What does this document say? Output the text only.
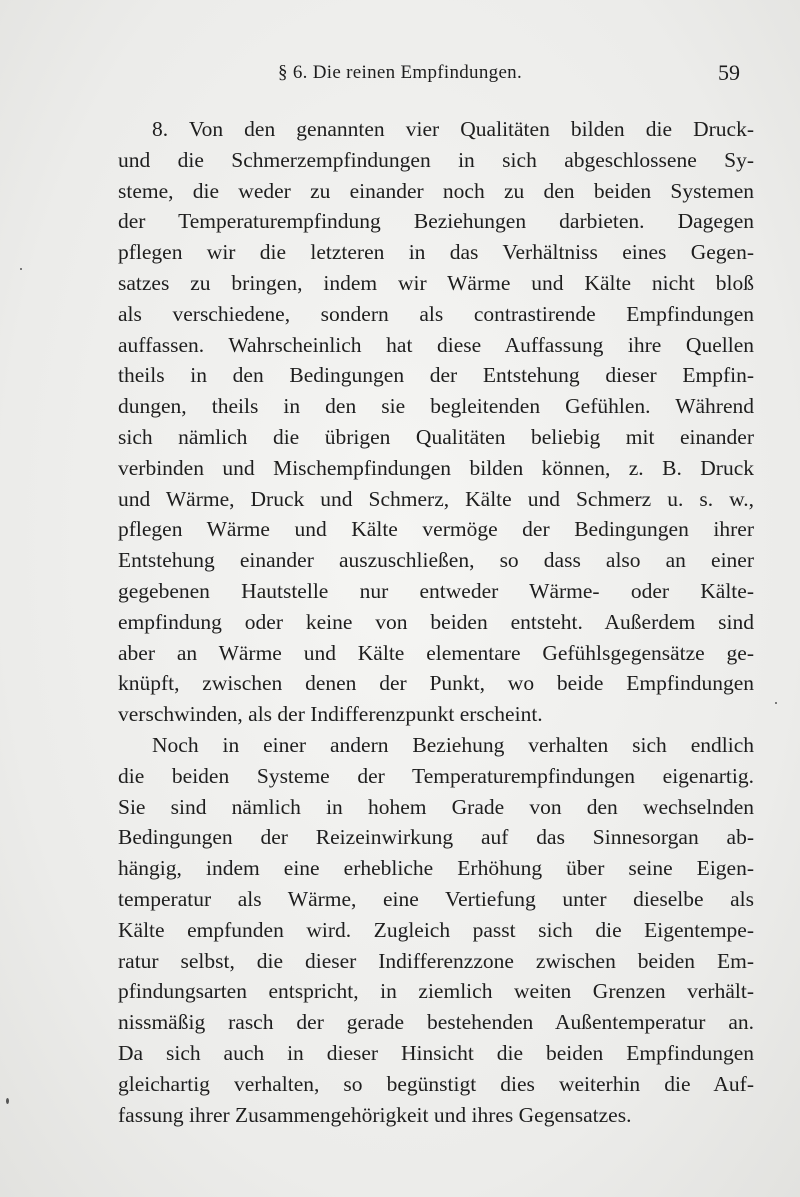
§ 6. Die reinen Empfindungen.	59
8. Von den genannten vier Qualitäten bilden die Druck-
und die Schmerzempfindungen in sich abgeschlossene Sy-
steme, die weder zu einander noch zu den beiden Systemen
der Temperaturempfindung Beziehungen darbieten. Dagegen
pflegen wir die letzteren in das Verhältniss eines Gegen-
satzes zu bringen, indem wir Wärme und Kälte nicht bloß
als verschiedene, sondern als contrastirende Empfindungen
auffassen. Wahrscheinlich hat diese Auffassung ihre Quellen
theils in den Bedingungen der Entstehung dieser Empfin-
dungen, theils in den sie begleitenden Gefühlen. Während
sich nämlich die übrigen Qualitäten beliebig mit einander
verbinden und Mischempfindungen bilden können, z. B. Druck
und Wärme, Druck und Schmerz, Kälte und Schmerz u. s. w.,
pflegen Wärme und Kälte vermöge der Bedingungen ihrer
Entstehung einander auszuschließen, so dass also an einer
gegebenen Hautstelle nur entweder Wärme- oder Kälte-
empfindung oder keine von beiden entsteht. Außerdem sind
aber an Wärme und Kälte elementare Gefühlsgegensätze ge-
knüpft, zwischen denen der Punkt, wo beide Empfindungen
verschwinden, als der Indifferenzpunkt erscheint.
Noch in einer andern Beziehung verhalten sich endlich
die beiden Systeme der Temperaturempfindungen eigenartig.
Sie sind nämlich in hohem Grade von den wechselnden
Bedingungen der Reizeinwirkung auf das Sinnesorgan ab-
hängig, indem eine erhebliche Erhöhung über seine Eigen-
temperatur als Wärme, eine Vertiefung unter dieselbe als
Kälte empfunden wird. Zugleich passt sich die Eigentempe-
ratur selbst, die dieser Indifferenzzone zwischen beiden Em-
pfindungsarten entspricht, in ziemlich weiten Grenzen verhält-
nissmäßig rasch der gerade bestehenden Außentemperatur an.
Da sich auch in dieser Hinsicht die beiden Empfindungen
gleichartig verhalten, so begünstigt dies weiterhin die Auf-
fassung ihrer Zusammengehörigkeit und ihres Gegensatzes.
